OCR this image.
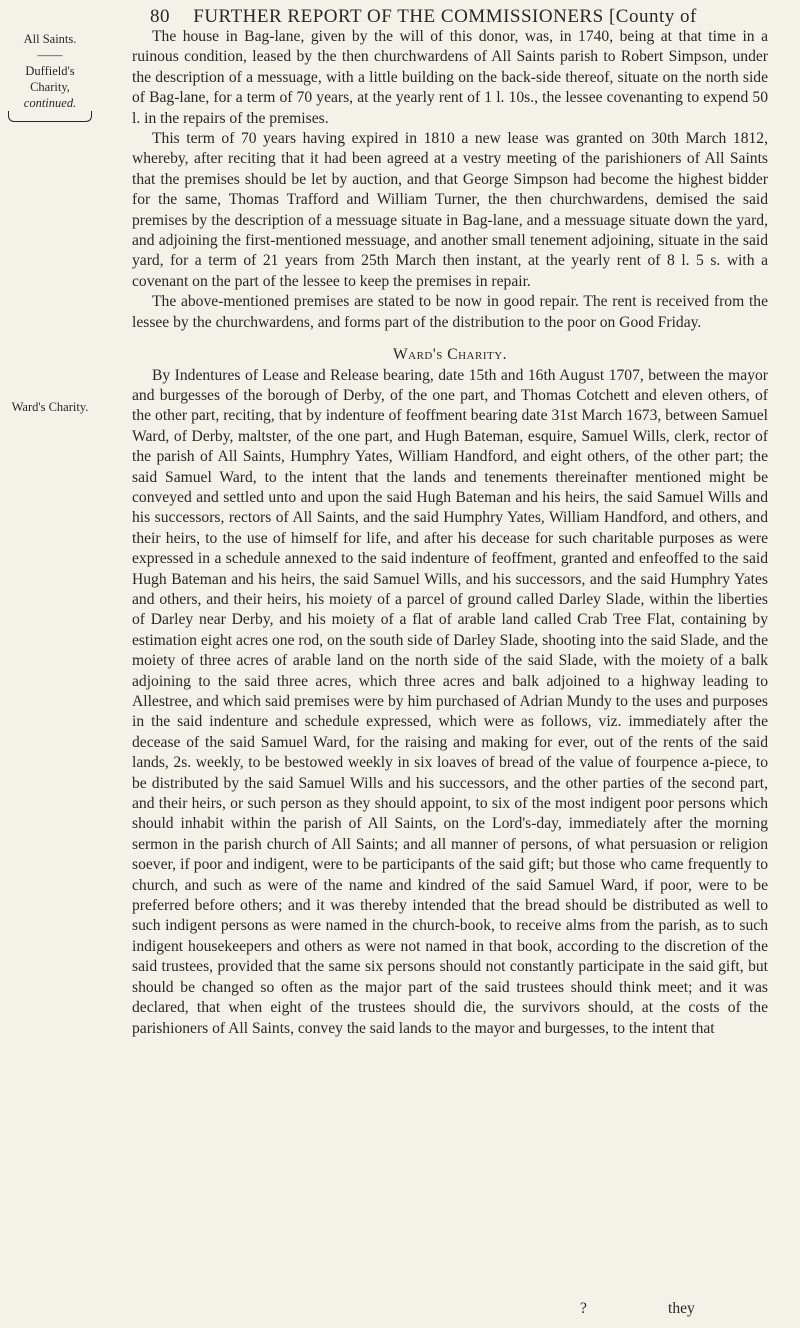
80 FURTHER REPORT OF THE COMMISSIONERS [County of
All Saints.
——
Duffield's Charity,
continued.
Ward's Charity.

The house in Bag-lane, given by the will of this donor, was, in 1740, being at that time in a ruinous condition, leased by the then churchwardens of All Saints parish to Robert Simpson, under the description of a messuage, with a little building on the back-side thereof, situate on the north side of Bag-lane, for a term of 70 years, at the yearly rent of 1 l. 10s., the lessee covenanting to expend 50 l. in the repairs of the premises.

This term of 70 years having expired in 1810 a new lease was granted on 30th March 1812, whereby, after reciting that it had been agreed at a vestry meeting of the parishioners of All Saints that the premises should be let by auction, and that George Simpson had become the highest bidder for the same, Thomas Trafford and William Turner, the then churchwardens, demised the said premises by the description of a messuage situate in Bag-lane, and a messuage situate down the yard, and adjoining the first-mentioned messuage, and another small tenement adjoining, situate in the said yard, for a term of 21 years from 25th March then instant, at the yearly rent of 8 l. 5 s. with a covenant on the part of the lessee to keep the premises in repair.

The above-mentioned premises are stated to be now in good repair. The rent is received from the lessee by the churchwardens, and forms part of the distribution to the poor on Good Friday.

Ward's Charity.

By Indentures of Lease and Release bearing, date 15th and 16th August 1707, between the mayor and burgesses of the borough of Derby, of the one part, and Thomas Cotchett and eleven others, of the other part, reciting, that by indenture of feoffment bearing date 31st March 1673, between Samuel Ward, of Derby, maltster, of the one part, and Hugh Bateman, esquire, Samuel Wills, clerk, rector of the parish of All Saints, Humphry Yates, William Handford, and eight others, of the other part; the said Samuel Ward, to the intent that the lands and tenements thereinafter mentioned might be conveyed and settled unto and upon the said Hugh Bateman and his heirs, the said Samuel Wills and his successors, rectors of All Saints, and the said Humphry Yates, William Handford, and others, and their heirs, to the use of himself for life, and after his decease for such charitable purposes as were expressed in a schedule annexed to the said indenture of feoffment, granted and enfeoffed to the said Hugh Bateman and his heirs, the said Samuel Wills, and his successors, and the said Humphry Yates and others, and their heirs, his moiety of a parcel of ground called Darley Slade, within the liberties of Darley near Derby, and his moiety of a flat of arable land called Crab Tree Flat, containing by estimation eight acres one rod, on the south side of Darley Slade, shooting into the said Slade, and the moiety of three acres of arable land on the north side of the said Slade, with the moiety of a balk adjoining to the said three acres, which three acres and balk adjoined to a highway leading to Allestree, and which said premises were by him purchased of Adrian Mundy to the uses and purposes in the said indenture and schedule expressed, which were as follows, viz. immediately after the decease of the said Samuel Ward, for the raising and making for ever, out of the rents of the said lands, 2s. weekly, to be bestowed weekly in six loaves of bread of the value of fourpence a-piece, to be distributed by the said Samuel Wills and his successors, and the other parties of the second part, and their heirs, or such person as they should appoint, to six of the most indigent poor persons which should inhabit within the parish of All Saints, on the Lord's-day, immediately after the morning sermon in the parish church of All Saints; and all manner of persons, of what persuasion or religion soever, if poor and indigent, were to be participants of the said gift; but those who came frequently to church, and such as were of the name and kindred of the said Samuel Ward, if poor, were to be preferred before others; and it was thereby intended that the bread should be distributed as well to such indigent persons as were named in the church-book, to receive alms from the parish, as to such indigent housekeepers and others as were not named in that book, according to the discretion of the said trustees, provided that the same six persons should not constantly participate in the said gift, but should be changed so often as the major part of the said trustees should think meet; and it was declared, that when eight of the trustees should die, the survivors should, at the costs of the parishioners of All Saints, convey the said lands to the mayor and burgesses, to the intent that

?	they
